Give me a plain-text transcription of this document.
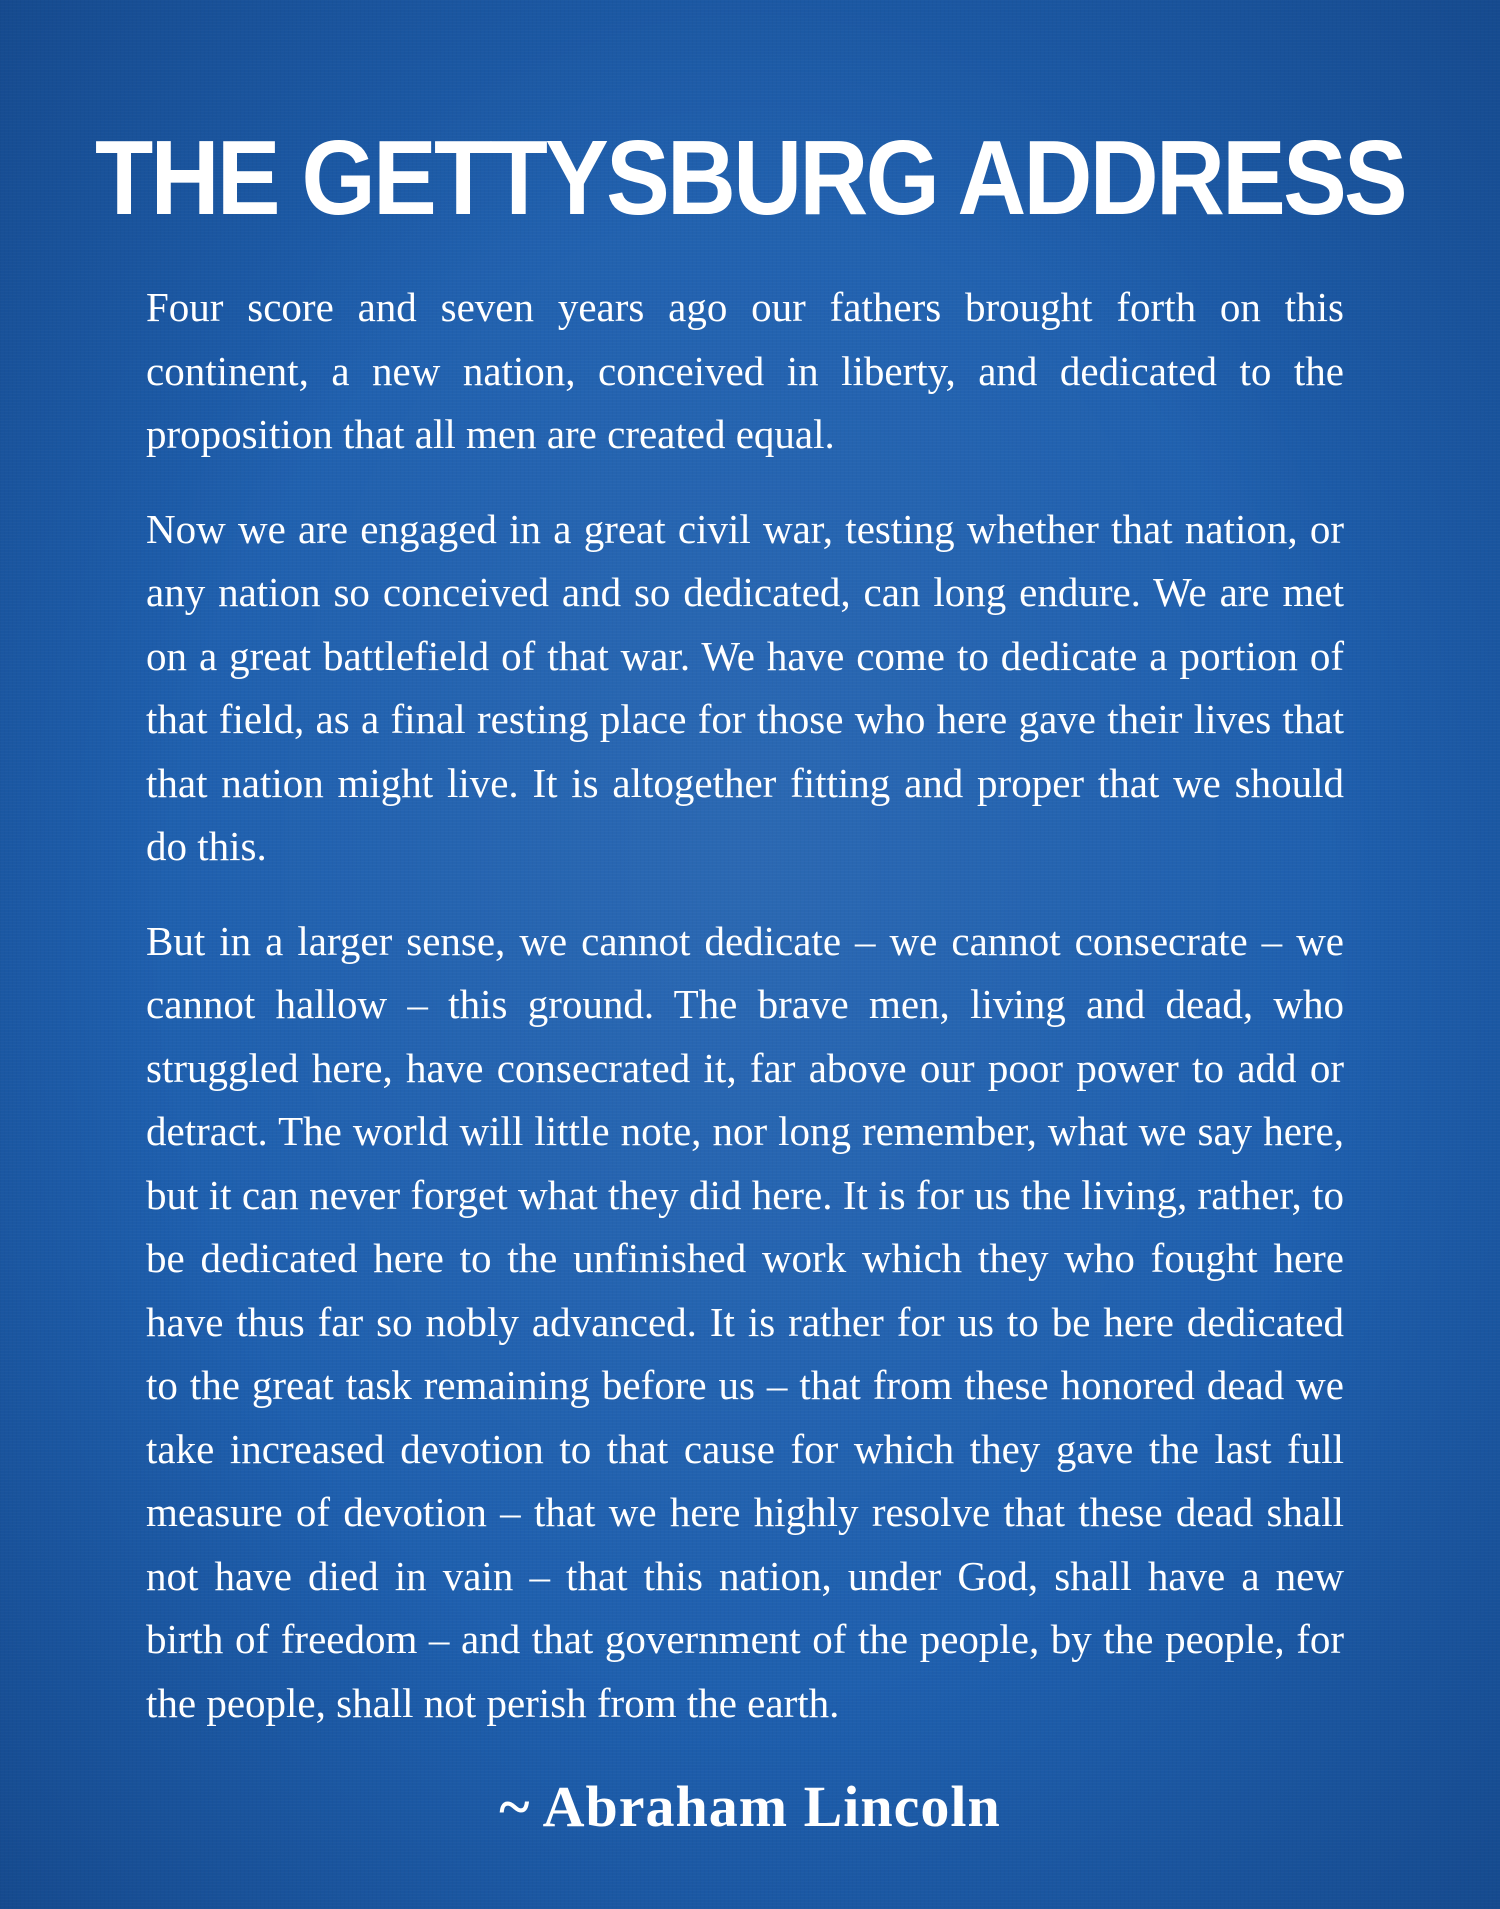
THE GETTYSBURG ADDRESS

Four score and seven years ago our fathers brought forth on this continent, a new nation, conceived in liberty, and dedicated to the proposition that all men are created equal.

Now we are engaged in a great civil war, testing whether that nation, or any nation so conceived and so dedicated, can long endure. We are met on a great battlefield of that war. We have come to dedicate a portion of that field, as a final resting place for those who here gave their lives that that nation might live. It is altogether fitting and proper that we should do this.

But in a larger sense, we cannot dedicate – we cannot consecrate – we cannot hallow – this ground. The brave men, living and dead, who struggled here, have consecrated it, far above our poor power to add or detract. The world will little note, nor long remember, what we say here, but it can never forget what they did here. It is for us the living, rather, to be dedicated here to the unfinished work which they who fought here have thus far so nobly advanced. It is rather for us to be here dedicated to the great task remaining before us – that from these honored dead we take increased devotion to that cause for which they gave the last full measure of devotion – that we here highly resolve that these dead shall not have died in vain – that this nation, under God, shall have a new birth of freedom – and that government of the people, by the people, for the people, shall not perish from the earth.

~ Abraham Lincoln
